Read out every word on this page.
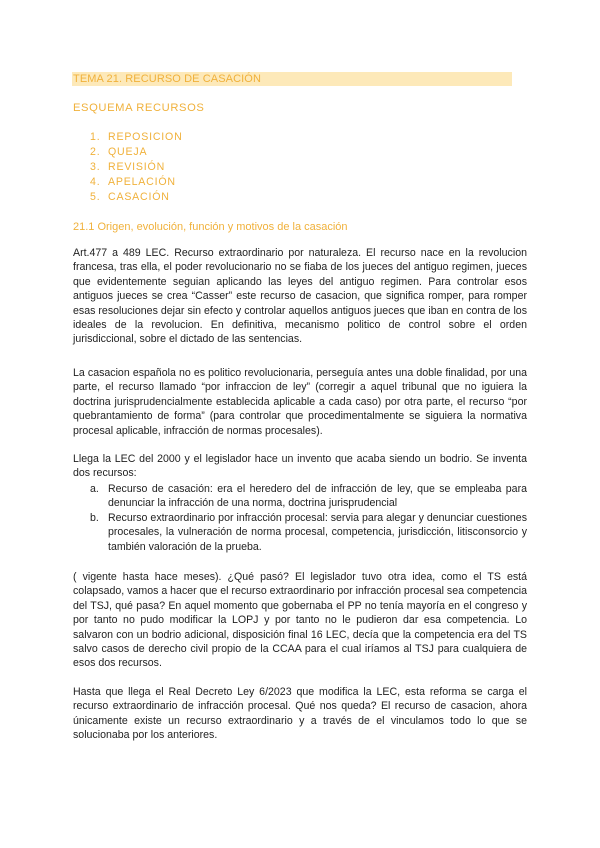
TEMA 21. RECURSO DE CASACIÓN
ESQUEMA RECURSOS
1. REPOSICION
2. QUEJA
3. REVISIÓN
4. APELACIÓN
5. CASACIÓN
21.1 Origen, evolución, función y motivos de la casación

Art.477 a 489 LEC. Recurso extraordinario por naturaleza. El recurso nace en la revolucion francesa, tras ella, el poder revolucionario no se fiaba de los jueces del antiguo regimen, jueces que evidentemente seguian aplicando las leyes del antiguo regimen. Para controlar esos antiguos jueces se crea “Casser” este recurso de casacion, que significa romper, para romper esas resoluciones dejar sin efecto y controlar aquellos antiguos jueces que iban en contra de los ideales de la revolucion. En definitiva, mecanismo politico de control sobre el orden jurisdiccional, sobre el dictado de las sentencias.

La casacion española no es politico revolucionaria, perseguía antes una doble finalidad, por una parte, el recurso llamado “por infraccion de ley” (corregir a aquel tribunal que no iguiera la doctrina jurisprudencialmente establecida aplicable a cada caso) por otra parte, el recurso “por quebrantamiento de forma” (para controlar que procedimentalmente se siguiera la normativa procesal aplicable, infracción de normas procesales).

Llega la LEC del 2000 y el legislador hace un invento que acaba siendo un bodrio. Se inventa dos recursos:

a. Recurso de casación: era el heredero del de infracción de ley, que se empleaba para denunciar la infracción de una norma, doctrina jurisprudencial
b. Recurso extraordinario por infracción procesal: servia para alegar y denunciar cuestiones procesales, la vulneración de norma procesal, competencia, jurisdicción, litisconsorcio y también valoración de la prueba.

( vigente hasta hace meses). ¿Qué pasó? El legislador tuvo otra idea, como el TS está colapsado, vamos a hacer que el recurso extraordinario por infracción procesal sea competencia del TSJ, qué pasa? En aquel momento que gobernaba el PP no tenía mayoría en el congreso y por tanto no pudo modificar la LOPJ y por tanto no le pudieron dar esa competencia. Lo salvaron con un bodrio adicional, disposición final 16 LEC, decía que la competencia era del TS salvo casos de derecho civil propio de la CCAA para el cual iríamos al TSJ para cualquiera de esos dos recursos.

Hasta que llega el Real Decreto Ley 6/2023 que modifica la LEC, esta reforma se carga el recurso extraordinario de infracción procesal. Qué nos queda? El recurso de casacion, ahora únicamente existe un recurso extraordinario y a través de el vinculamos todo lo que se solucionaba por los anteriores.
